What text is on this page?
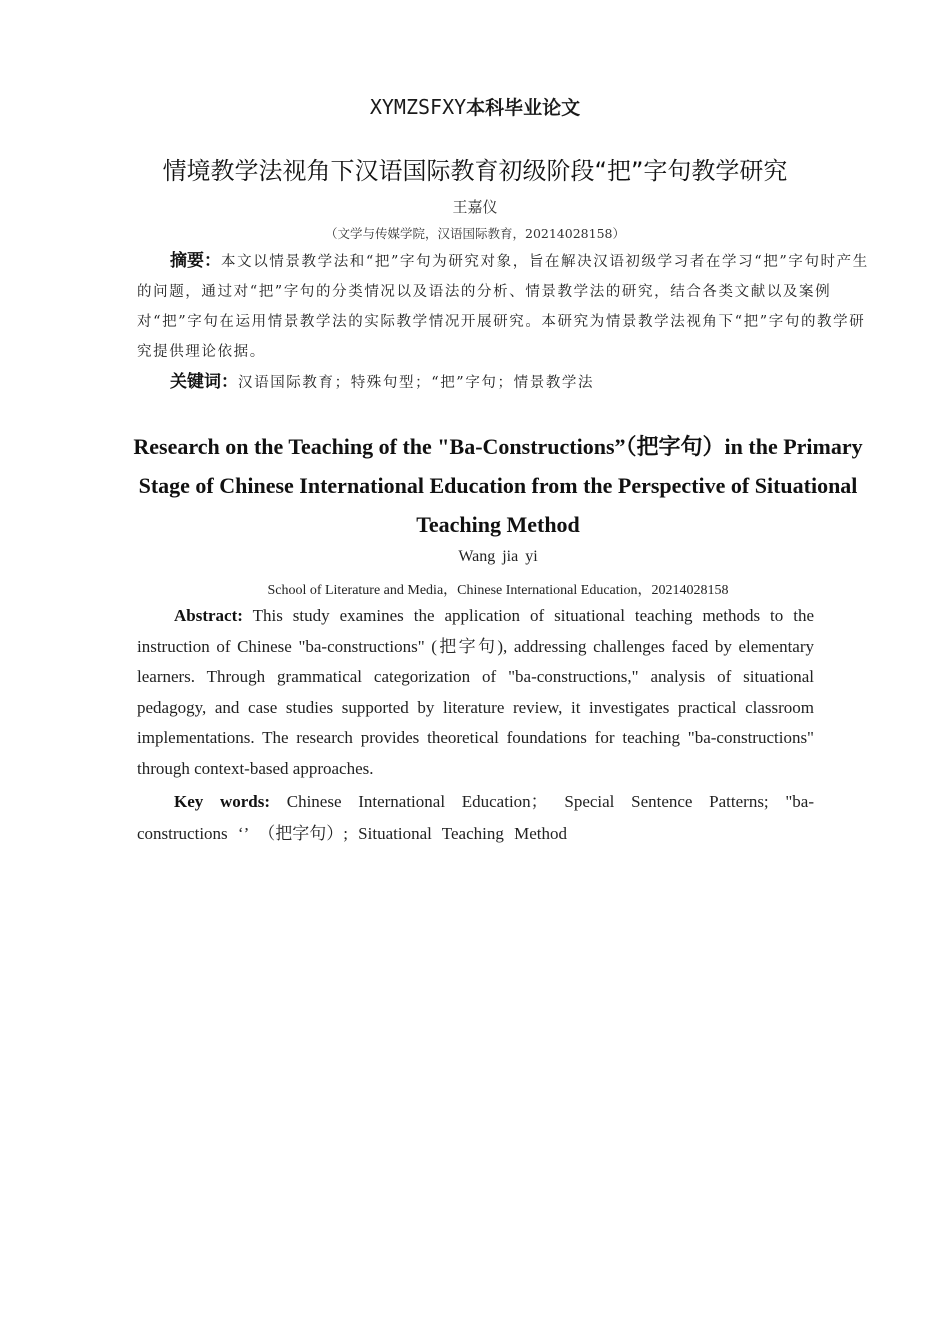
XYMZSFXY本科毕业论文
情境教学法视角下汉语国际教育初级阶段“把”字句教学研究
王嘉仪
（文学与传媒学院，汉语国际教育，20214028158）
摘要：本文以情景教学法和“把”字句为研究对象，旨在解决汉语初级学习者在学习“把”字句时产生的问题，通过对“把”字句的分类情况以及语法的分析、情景教学法的研究，结合各类文献以及案例对“把”字句在运用情景教学法的实际教学情况开展研究。本研究为情景教学法视角下“把”字句的教学研究提供理论依据。
关键词：汉语国际教育；特殊句型；“把”字句；情景教学法
Research on the Teaching of the "Ba-Constructions”（把字句）in the Primary Stage of Chinese International Education from the Perspective of Situational Teaching Method
Wang jia yi
School of Literature and Media，Chinese International Education，20214028158
Abstract: This study examines the application of situational teaching methods to the instruction of Chinese "ba-constructions" (把字句), addressing challenges faced by elementary learners. Through grammatical categorization of "ba-constructions," analysis of situational pedagogy, and case studies supported by literature review, it investigates practical classroom implementations. The research provides theoretical foundations for teaching "ba-constructions" through context-based approaches.
Key words: Chinese International Education； Special Sentence Patterns; "ba-constructions ‘’ （把字句）; Situational Teaching Method
